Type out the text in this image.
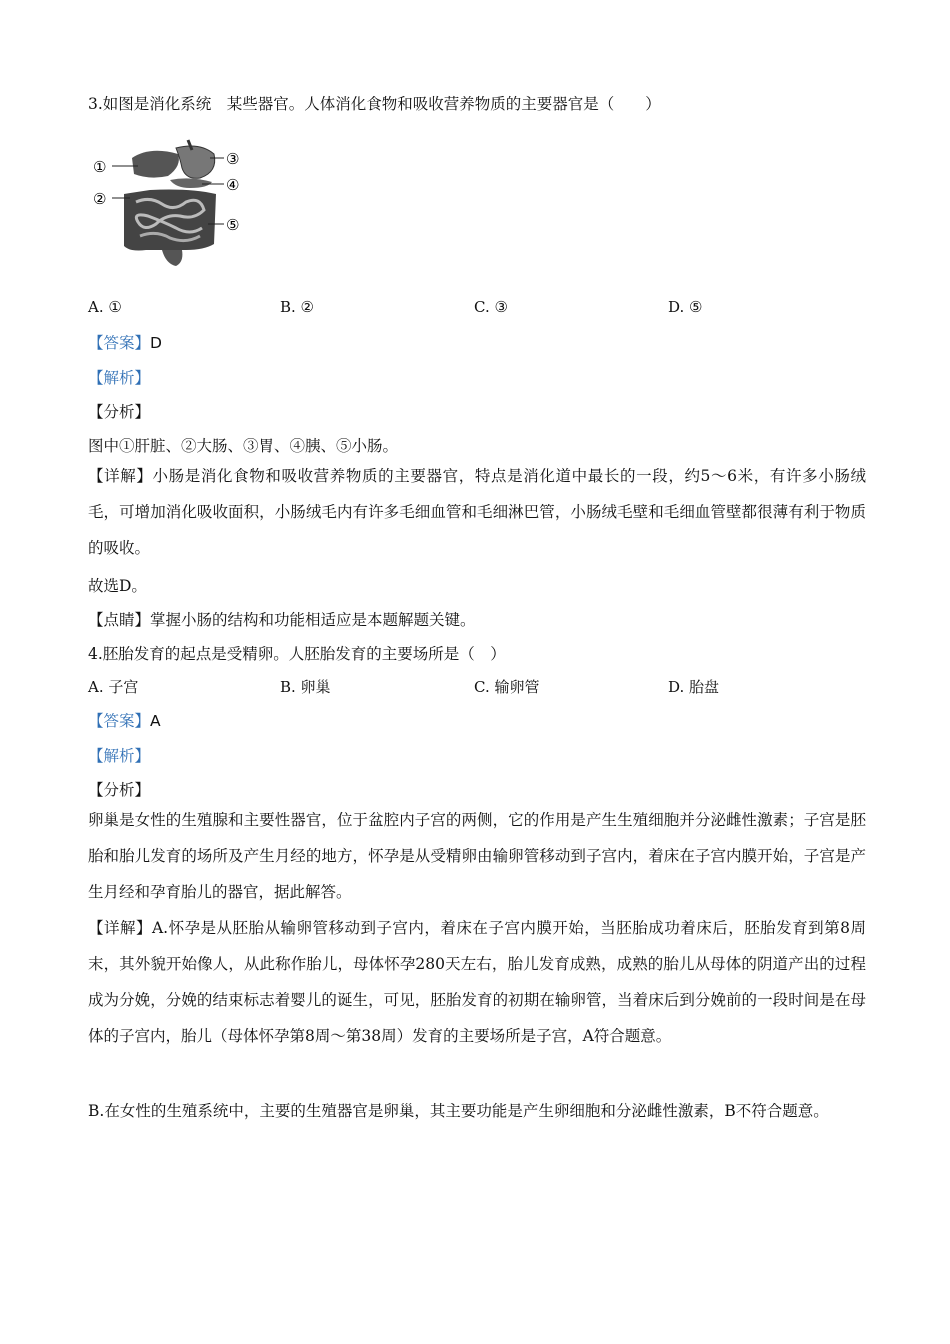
3.如图是消化系统　某些器官。人体消化食物和吸收营养物质的主要器官是（　　）
①
②
③
④
⑤
A. ①	B. ②	C. ③	D. ⑤
【答案】D
【解析】
【分析】
图中①肝脏、②大肠、③胃、④胰、⑤小肠。
【详解】小肠是消化食物和吸收营养物质的主要器官，特点是消化道中最长的一段，约5～6米，有许多小肠绒毛，可增加消化吸收面积，小肠绒毛内有许多毛细血管和毛细淋巴管，小肠绒毛壁和毛细血管壁都很薄有利于物质的吸收。
故选D。
【点睛】掌握小肠的结构和功能相适应是本题解题关键。
4.胚胎发育的起点是受精卵。人胚胎发育的主要场所是（　）
A. 子宫	B. 卵巢	C. 输卵管	D. 胎盘
【答案】A
【解析】
【分析】
卵巢是女性的生殖腺和主要性器官，位于盆腔内子宫的两侧，它的作用是产生生殖细胞并分泌雌性激素；子宫是胚胎和胎儿发育的场所及产生月经的地方，怀孕是从受精卵由输卵管移动到子宫内，着床在子宫内膜开始，子宫是产生月经和孕育胎儿的器官，据此解答。
【详解】A.怀孕是从胚胎从输卵管移动到子宫内，着床在子宫内膜开始，当胚胎成功着床后，胚胎发育到第8周末，其外貌开始像人，从此称作胎儿，母体怀孕280天左右，胎儿发育成熟，成熟的胎儿从母体的阴道产出的过程成为分娩，分娩的结束标志着婴儿的诞生，可见，胚胎发育的初期在输卵管，当着床后到分娩前的一段时间是在母体的子宫内，胎儿（母体怀孕第8周～第38周）发育的主要场所是子宫，A符合题意。
B.在女性的生殖系统中，主要的生殖器官是卵巢，其主要功能是产生卵细胞和分泌雌性激素，B不符合题意。
